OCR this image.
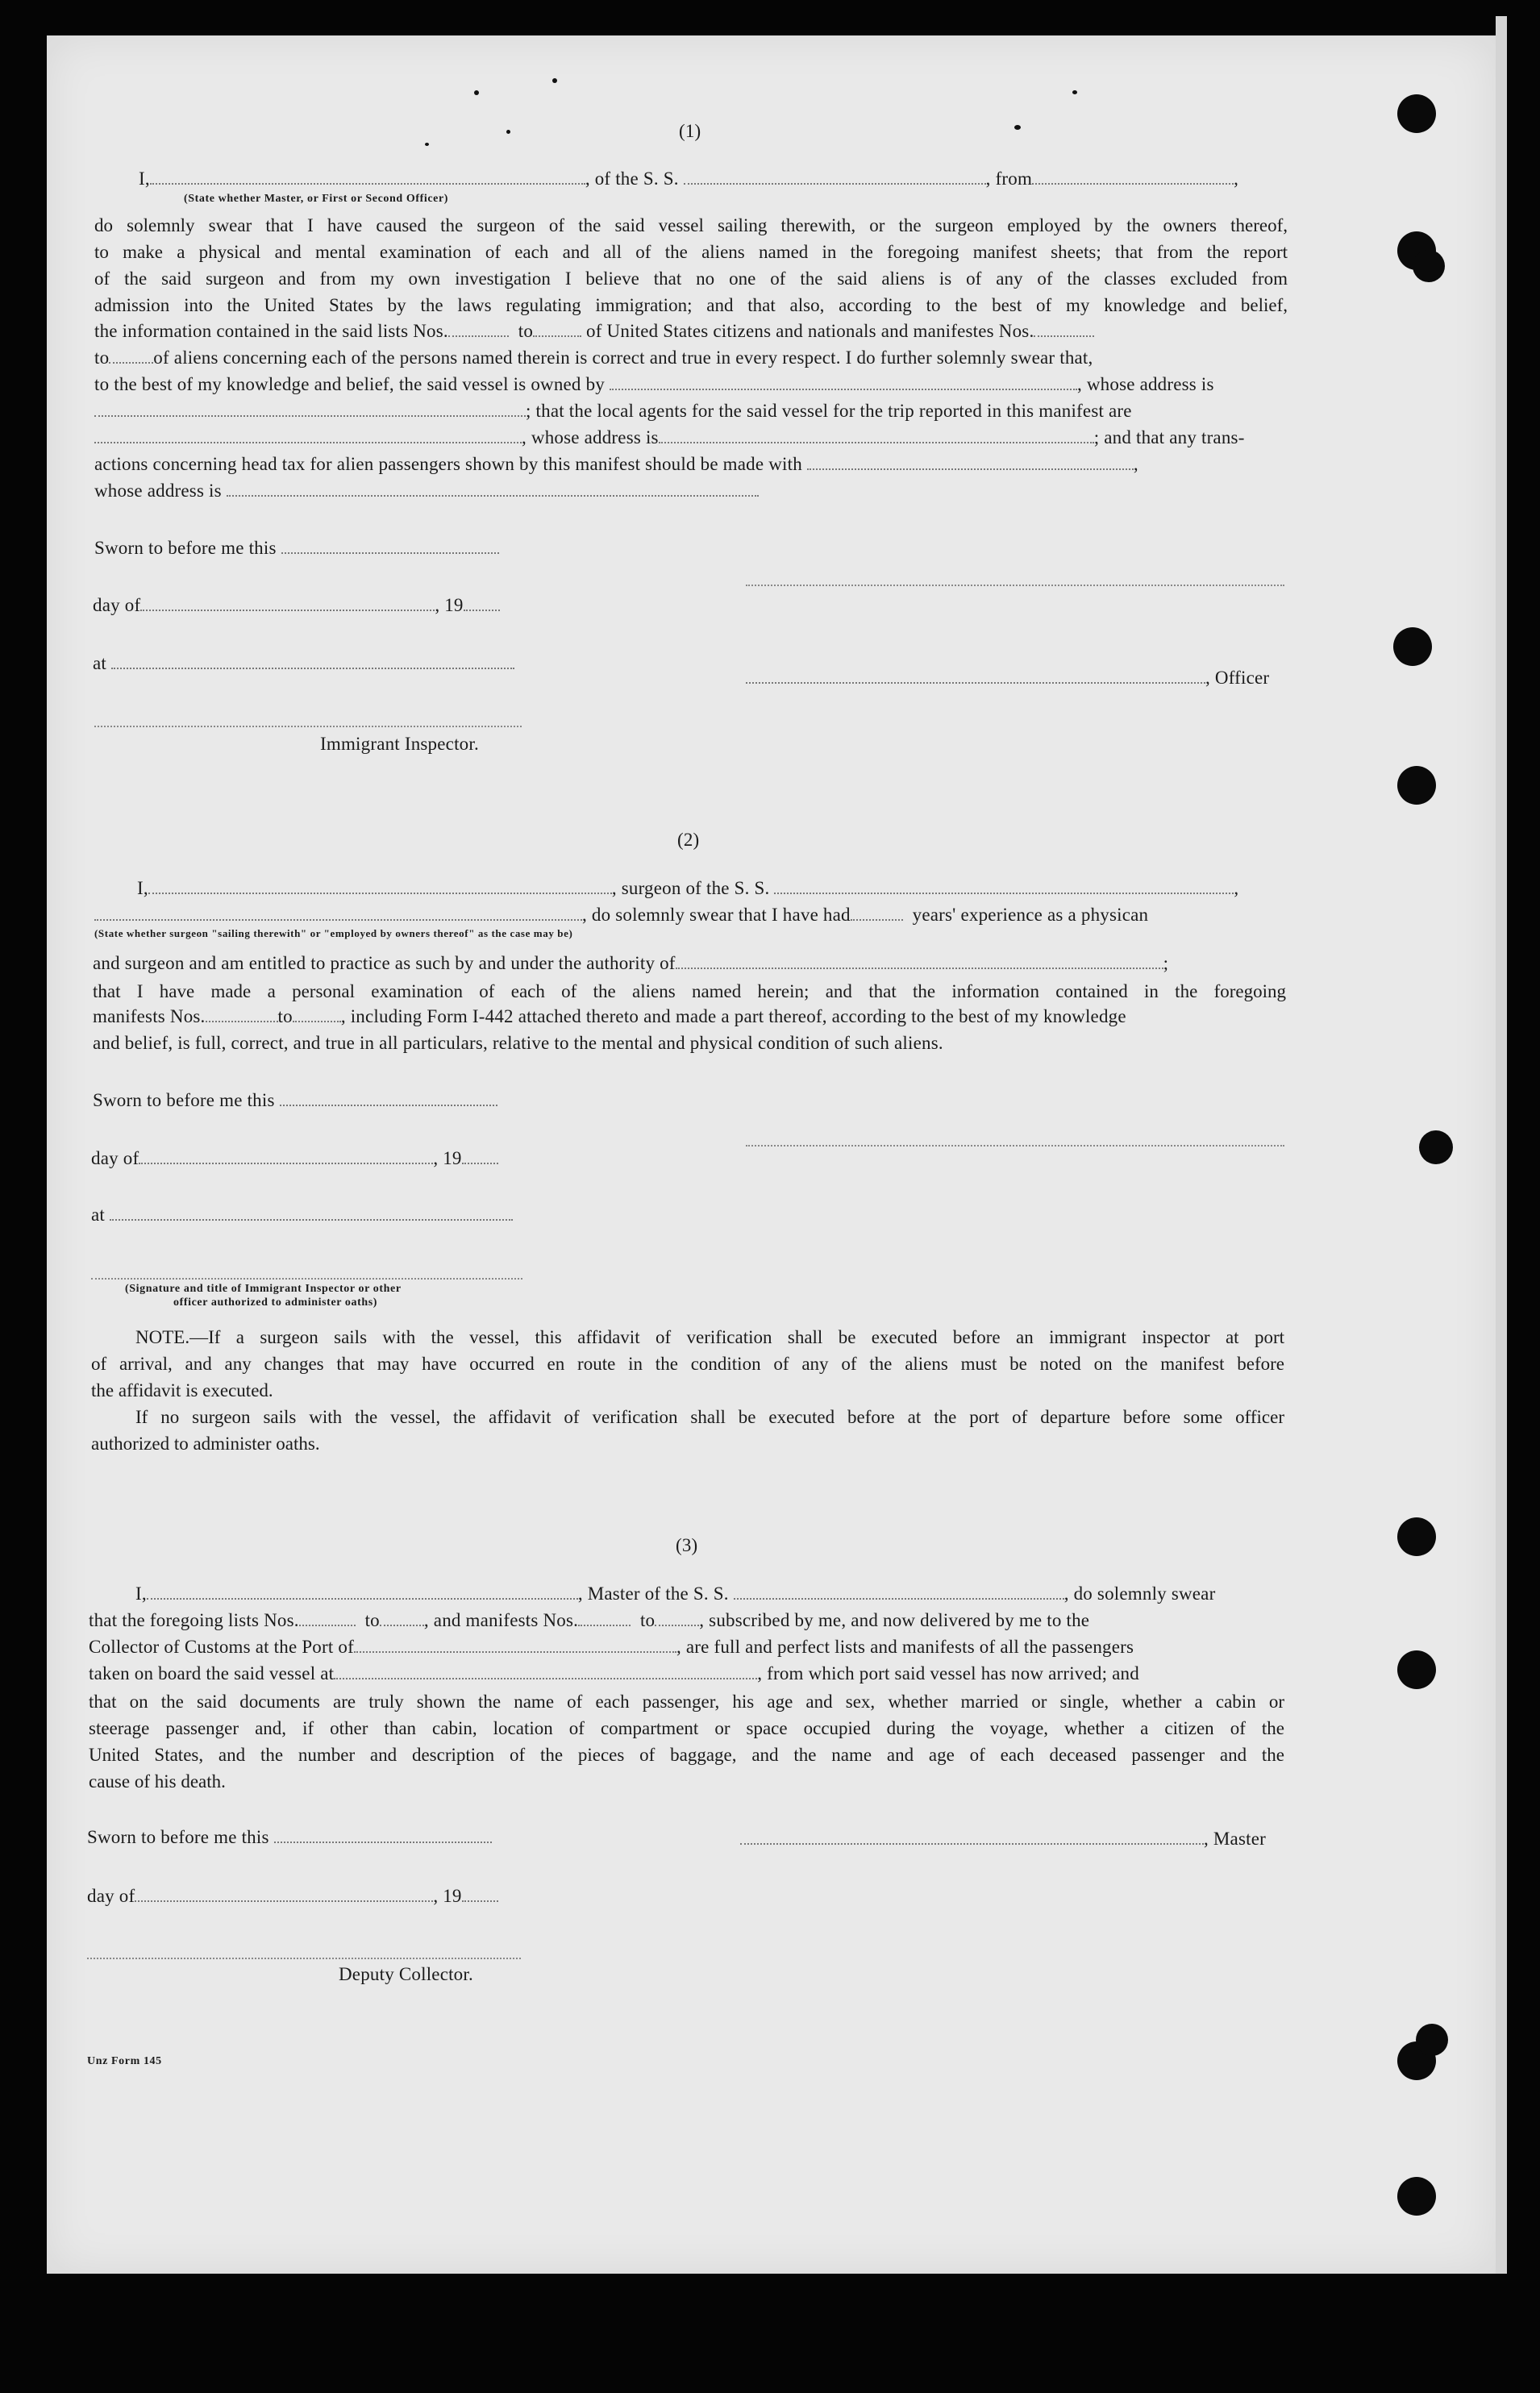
(1)
I,	, of the S. S.	, from	,
(State whether Master, or First or Second Officer)

do solemnly swear that I have caused the surgeon of the said vessel sailing therewith, or the surgeon employed by the owners thereof,

to make a physical and mental examination of each and all of the aliens named in the foregoing manifest sheets; that from the report

of the said surgeon and from my own investigation I believe that no one of the said aliens is of any of the classes excluded from

admission into the United States by the laws regulating immigration; and that also, according to the best of my knowledge and belief,

the information contained in the said lists Nos.	to	of United States citizens and nationals and manifestes Nos.
to of aliens concerning each of the persons named therein is correct and true in every respect. I do further solemnly swear that,
to the best of my knowledge and belief, the said vessel is owned by	, whose address is
; that the local agents for the said vessel for the trip reported in this manifest are
, whose address is	; and that any trans-
actions concerning head tax for alien passengers shown by this manifest should be made with	,
whose address is
Sworn to before me this
day of	, 19
at
, Officer
Immigrant Inspector.
(2)
I,	, surgeon of the S. S.	,
, do solemnly swear that I have had	years' experience as a physican
(State whether surgeon "sailing therewith" or "employed by owners thereof" as the case may be)
and surgeon and am entitled to practice as such by and under the authority of	;

that I have made a personal examination of each of the aliens named herein; and that the information contained in the foregoing

manifests Nos.	to	, including Form I-442 attached thereto and made a part thereof, according to the best of my knowledge
and belief, is full, correct, and true in all particulars, relative to the mental and physical condition of such aliens.
Sworn to before me this
day of	, 19
at
(Signature and title of Immigrant Inspector or other
officer authorized to administer oaths)

NOTE.—If a surgeon sails with the vessel, this affidavit of verification shall be executed before an immigrant inspector at port

of arrival, and any changes that may have occurred en route in the condition of any of the aliens must be noted on the manifest before

the affidavit is executed.

If no surgeon sails with the vessel, the affidavit of verification shall be executed before at the port of departure before some officer

authorized to administer oaths.

(3)
I,	, Master of the S. S.	, do solemnly swear
that the foregoing lists Nos.	to , and manifests Nos.	to , subscribed by me, and now delivered by me to the
Collector of Customs at the Port of	, are full and perfect lists and manifests of all the passengers
taken on board the said vessel at	, from which port said vessel has now arrived; and

that on the said documents are truly shown the name of each passenger, his age and sex, whether married or single, whether a cabin or

steerage passenger and, if other than cabin, location of compartment or space occupied during the voyage, whether a citizen of the

United States, and the number and description of the pieces of baggage, and the name and age of each deceased passenger and the

cause of his death.

Sworn to before me this	, Master
day of	, 19
Deputy Collector.
Unz Form 145
